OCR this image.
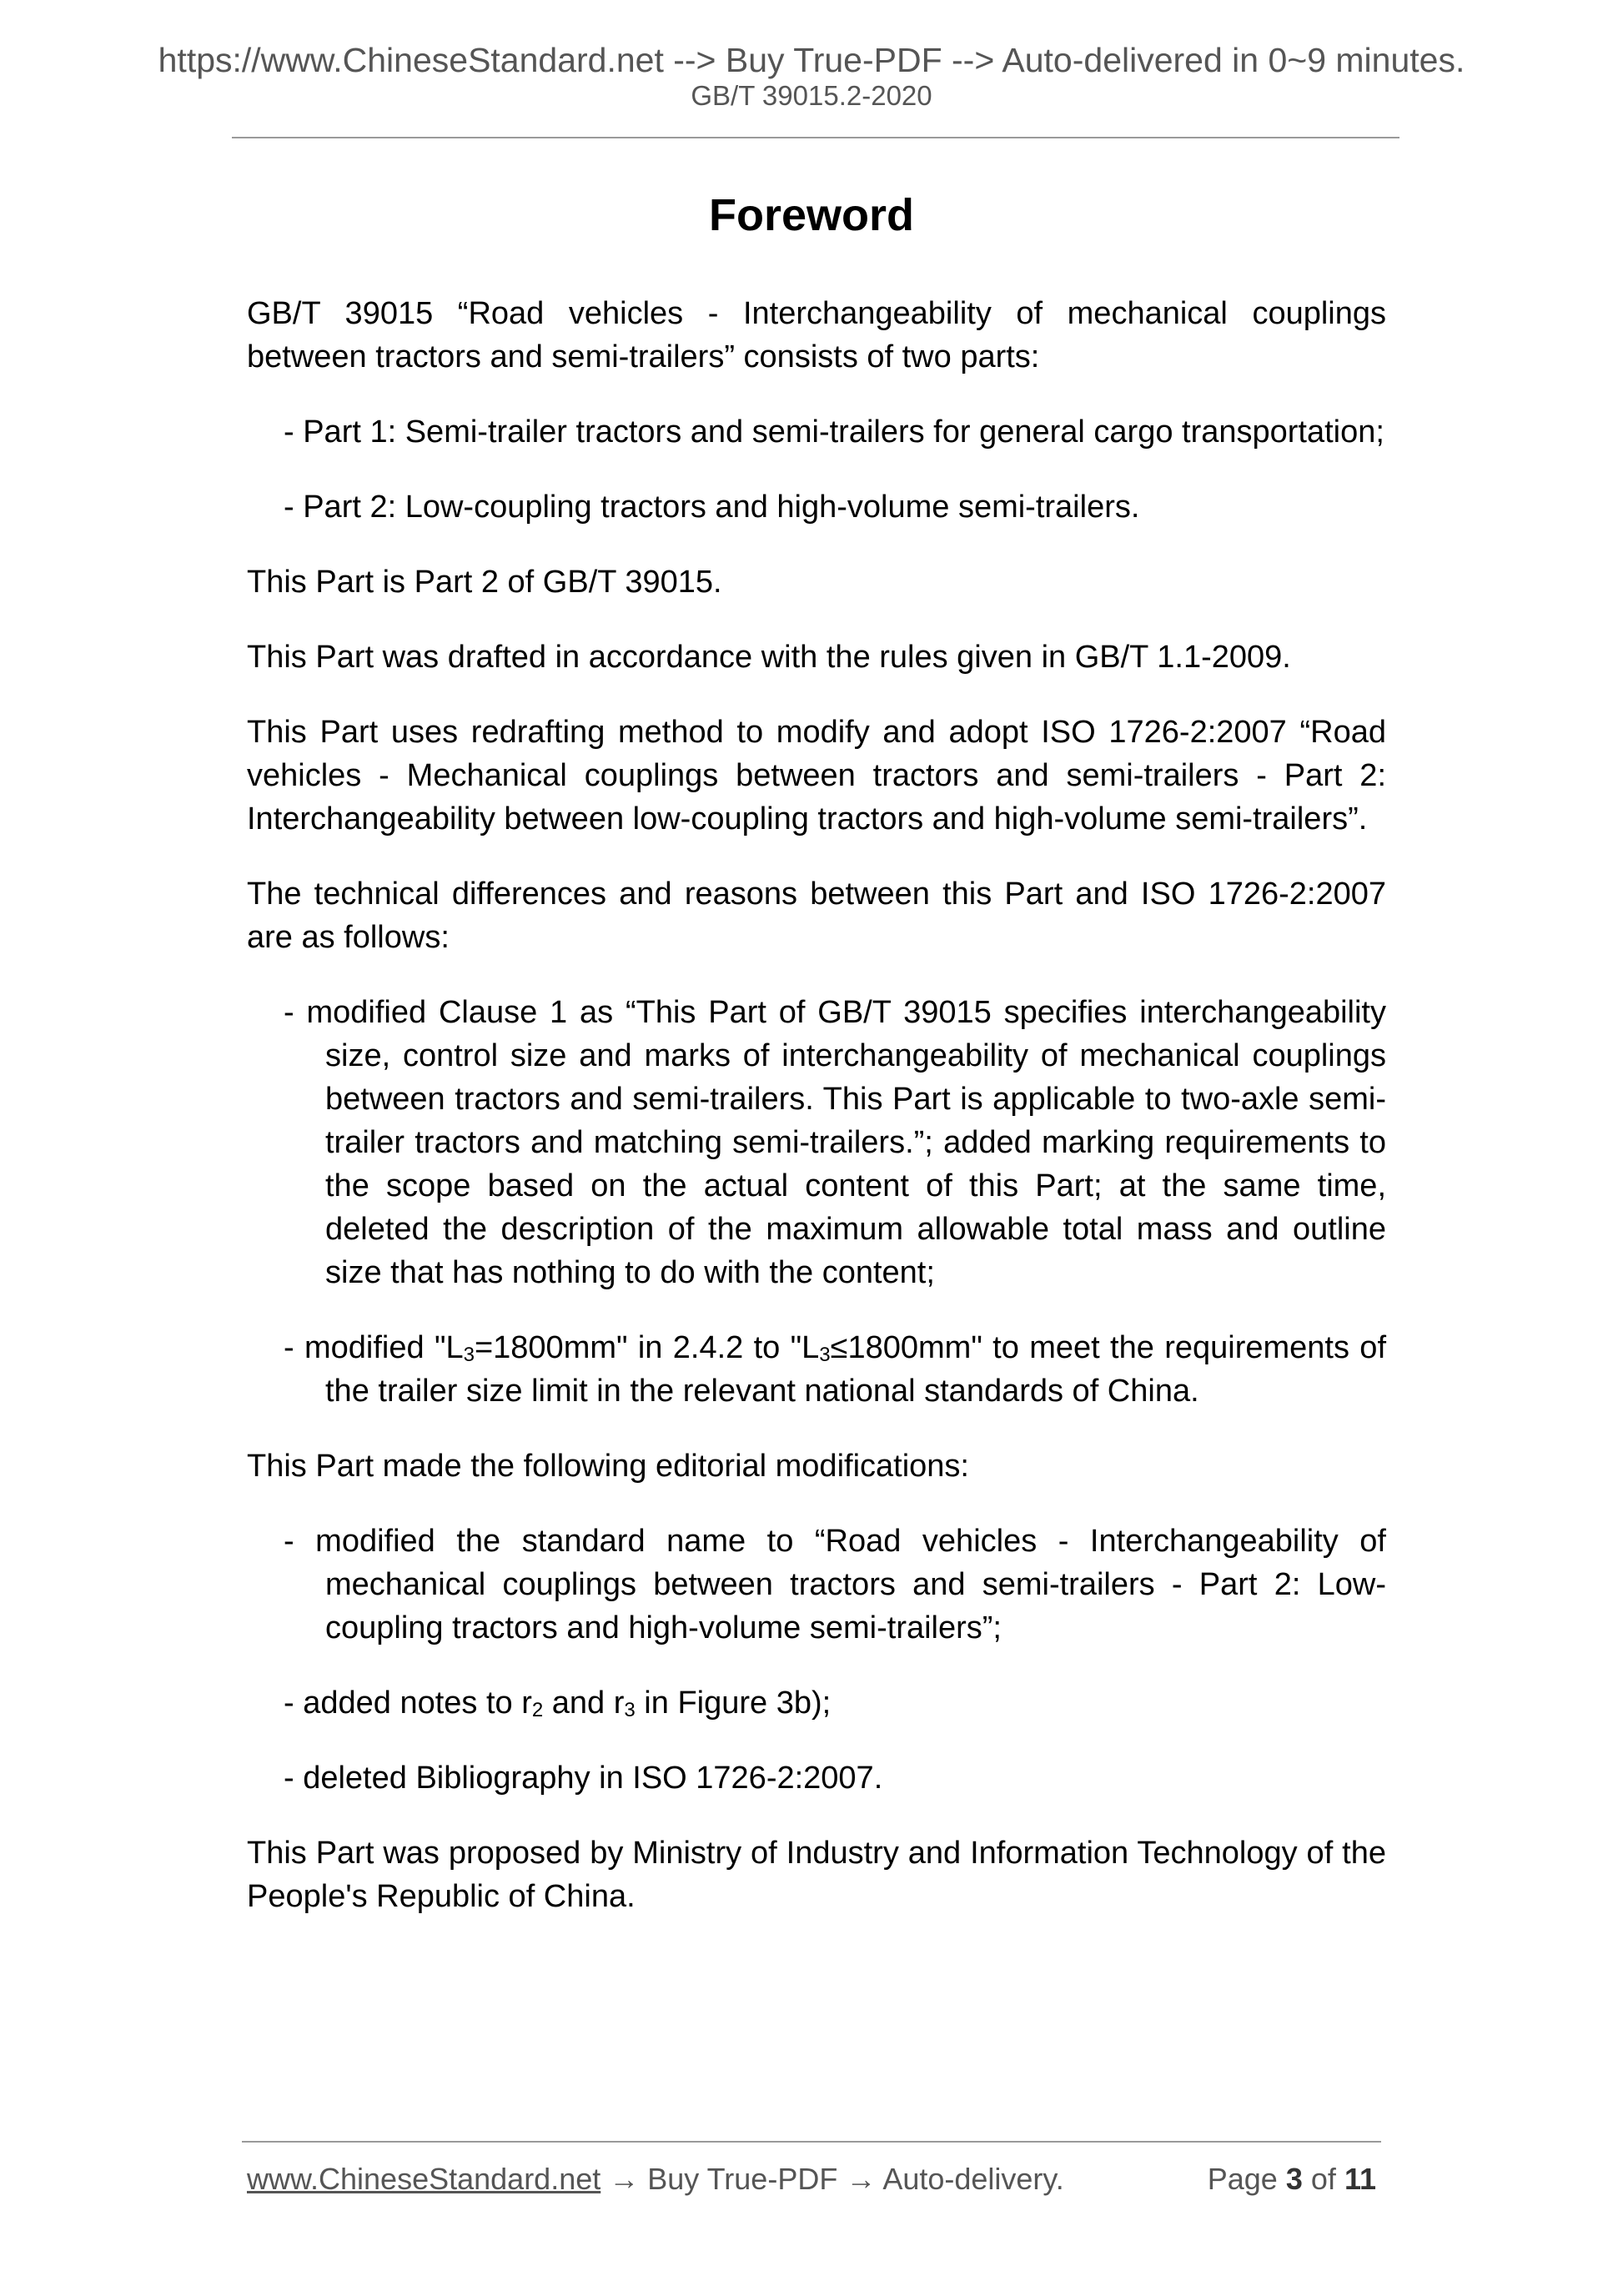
https://www.ChineseStandard.net --> Buy True-PDF --> Auto-delivered in 0~9 minutes.
GB/T 39015.2-2020
Foreword

GB/T 39015 “Road vehicles - Interchangeability of mechanical couplings between tractors and semi-trailers” consists of two parts:

- Part 1: Semi-trailer tractors and semi-trailers for general cargo transportation;

- Part 2: Low-coupling tractors and high-volume semi-trailers.

This Part is Part 2 of GB/T 39015.

This Part was drafted in accordance with the rules given in GB/T 1.1-2009.

This Part uses redrafting method to modify and adopt ISO 1726-2:2007 “Road vehicles - Mechanical couplings between tractors and semi-trailers - Part 2: Interchangeability between low-coupling tractors and high-volume semi-trailers”.

The technical differences and reasons between this Part and ISO 1726-2:2007 are as follows:

- modified Clause 1 as “This Part of GB/T 39015 specifies interchangeability size, control size and marks of interchangeability of mechanical couplings between tractors and semi-trailers. This Part is applicable to two-axle semi-trailer tractors and matching semi-trailers.”; added marking requirements to the scope based on the actual content of this Part; at the same time, deleted the description of the maximum allowable total mass and outline size that has nothing to do with the content;

- modified "$L_3=1800mm$" in 2.4.2 to "$L_3\le 1800mm$" to meet the requirements of the trailer size limit in the relevant national standards of China.

This Part made the following editorial modifications:

- modified the standard name to “Road vehicles - Interchangeability of mechanical couplings between tractors and semi-trailers - Part 2: Low-coupling tractors and high-volume semi-trailers”;

- added notes to $r_2$ and $r_3$ in Figure 3b);

- deleted Bibliography in ISO 1726-2:2007.

This Part was proposed by Ministry of Industry and Information Technology of the People's Republic of China.

www.ChineseStandard.net → Buy True-PDF → Auto-delivery.	Page 3 of 11
